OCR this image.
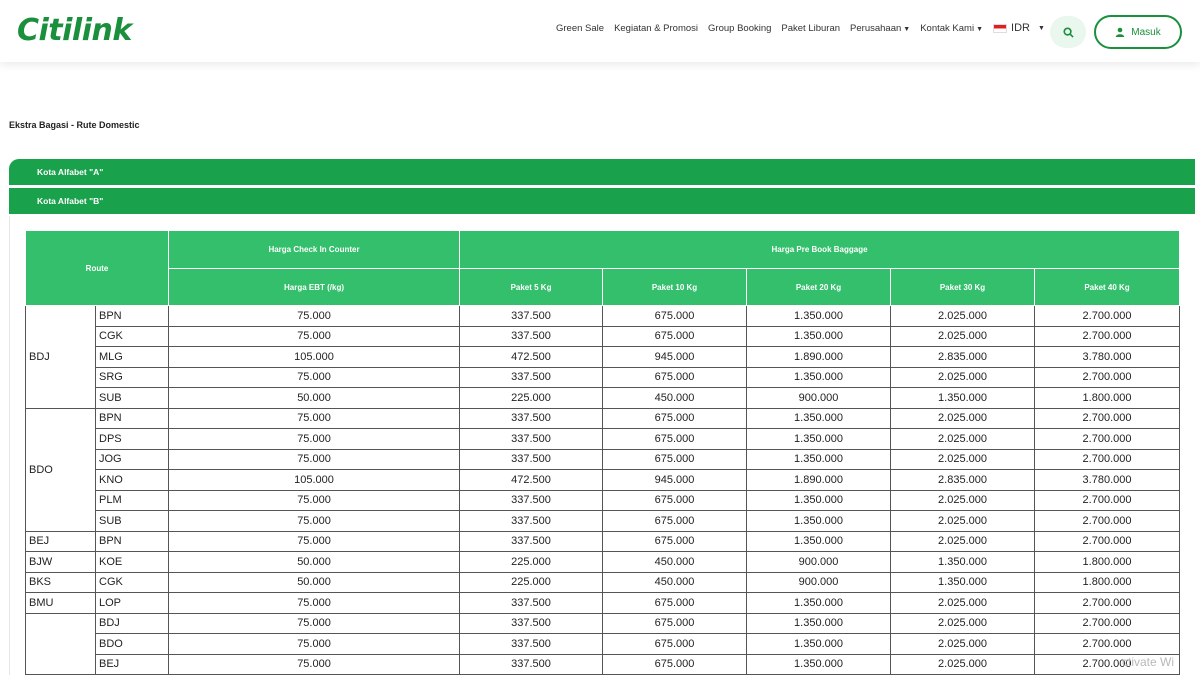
Citilink	Green Sale Kegiatan & Promosi Group Booking Paket Liburan Perusahaan ▼ Kontak Kami ▼	IDR ▼	Masuk
Ekstra Bagasi - Rute Domestic
Kota Alfabet "A"
Kota Alfabet "B"
Route		Harga Check In Counter	Harga Pre Book Baggage				
		Harga EBT (/kg)	Paket 5 Kg	Paket 10 Kg	Paket 20 Kg	Paket 30 Kg	Paket 40 Kg
BDJ	BPN	75.000	337.500	675.000	1.350.000	2.025.000	2.700.000
	CGK	75.000	337.500	675.000	1.350.000	2.025.000	2.700.000
	MLG	105.000	472.500	945.000	1.890.000	2.835.000	3.780.000
	SRG	75.000	337.500	675.000	1.350.000	2.025.000	2.700.000
	SUB	50.000	225.000	450.000	900.000	1.350.000	1.800.000
BDO	BPN	75.000	337.500	675.000	1.350.000	2.025.000	2.700.000
	DPS	75.000	337.500	675.000	1.350.000	2.025.000	2.700.000
	JOG	75.000	337.500	675.000	1.350.000	2.025.000	2.700.000
	KNO	105.000	472.500	945.000	1.890.000	2.835.000	3.780.000
	PLM	75.000	337.500	675.000	1.350.000	2.025.000	2.700.000
	SUB	75.000	337.500	675.000	1.350.000	2.025.000	2.700.000
BEJ	BPN	75.000	337.500	675.000	1.350.000	2.025.000	2.700.000
BJW	KOE	50.000	225.000	450.000	900.000	1.350.000	1.800.000
BKS	CGK	50.000	225.000	450.000	900.000	1.350.000	1.800.000
BMU	LOP	75.000	337.500	675.000	1.350.000	2.025.000	2.700.000
	BDJ	75.000	337.500	675.000	1.350.000	2.025.000	2.700.000
	BDO	75.000	337.500	675.000	1.350.000	2.025.000	2.700.000
	BEJ	75.000	337.500	675.000	1.350.000	2.025.000	2.700.000
ctivate Wi
